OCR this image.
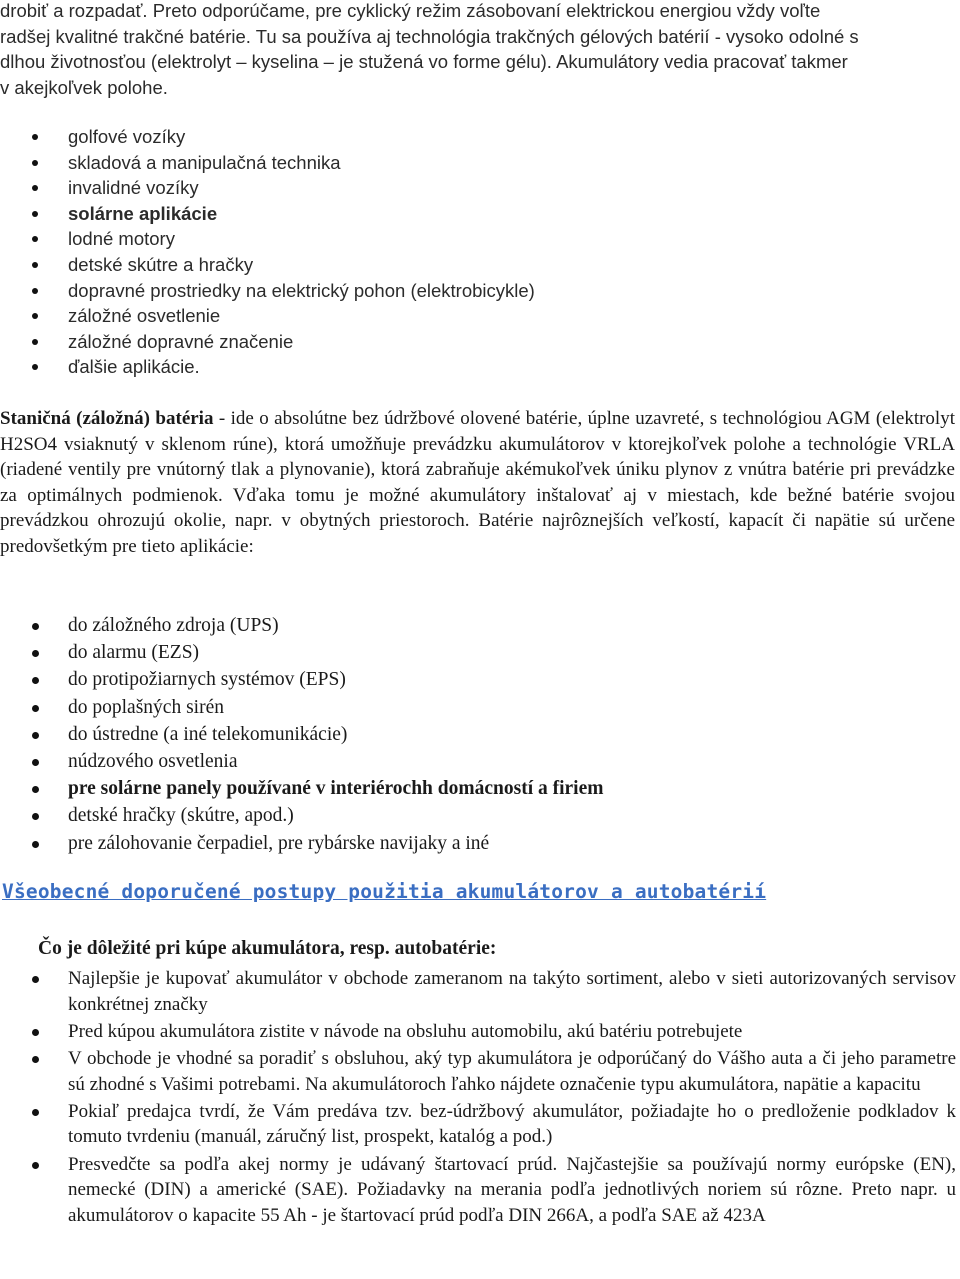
drobiť a rozpadať. Preto odporúčame, pre cyklický režim zásobovaní elektrickou energiou vždy voľte
radšej kvalitné trakčné batérie. Tu sa používa aj technológia trakčných gélových batérií - vysoko odolné s
dlhou životnosťou (elektrolyt – kyselina – je stužená vo forme gélu). Akumulátory vedia pracovať takmer
v akejkoľvek polohe.
golfové vozíky
skladová a manipulačná technika
invalidné vozíky
solárne aplikácie
lodné motory
detské skútre a hračky
dopravné prostriedky na elektrický pohon (elektrobicykle)
záložné osvetlenie
záložné dopravné značenie
ďalšie aplikácie.

Staničná (záložná) batéria - ide o absolútne bez údržbové olovené batérie, úplne uzavreté, s technológiou AGM (elektrolyt H2SO4 vsiaknutý v sklenom rúne), ktorá umožňuje prevádzku akumulátorov v ktorejkoľvek polohe a technológie VRLA (riadené ventily pre vnútorný tlak a plynovanie), ktorá zabraňuje akémukoľvek úniku plynov z vnútra batérie pri prevádzke za optimálnych podmienok. Vďaka tomu je možné akumulátory inštalovať aj v miestach, kde bežné batérie svojou prevádzkou ohrozujú okolie, napr. v obytných priestoroch. Batérie najrôznejších veľkostí, kapacít či napätie sú určene predovšetkým pre tieto aplikácie:

do záložného zdroja (UPS)
do alarmu (EZS)
do protipožiarnych systémov (EPS)
do poplašných sirén
do ústredne (a iné telekomunikácie)
núdzového osvetlenia
pre solárne panely používané v interiérochh domácností a firiem
detské hračky (skútre, apod.)
pre zálohovanie čerpadiel, pre rybárske navijaky a iné
Všeobecné doporučené postupy použitia akumulátorov a autobatérií

Čo je dôležité pri kúpe akumulátora, resp. autobatérie:

Najlepšie je kupovať akumulátor v obchode zameranom na takýto sortiment, alebo v sieti autorizovaných servisov konkrétnej značky
Pred kúpou akumulátora zistite v návode na obsluhu automobilu, akú batériu potrebujete
V obchode je vhodné sa poradiť s obsluhou, aký typ akumulátora je odporúčaný do Vášho auta a či jeho parametre sú zhodné s Vašimi potrebami. Na akumulátoroch ľahko nájdete označenie typu akumulátora, napätie a kapacitu
Pokiaľ predajca tvrdí, že Vám predáva tzv. bez-údržbový akumulátor, požiadajte ho o predloženie podkladov k tomuto tvrdeniu (manuál, záručný list, prospekt, katalóg a pod.)
Presvedčte sa podľa akej normy je udávaný štartovací prúd. Najčastejšie sa používajú normy európske (EN), nemecké (DIN) a americké (SAE). Požiadavky na merania podľa jednotlivých noriem sú rôzne. Preto napr. u akumulátorov o kapacite 55 Ah - je štartovací prúd podľa DIN 266A, a podľa SAE až 423A
